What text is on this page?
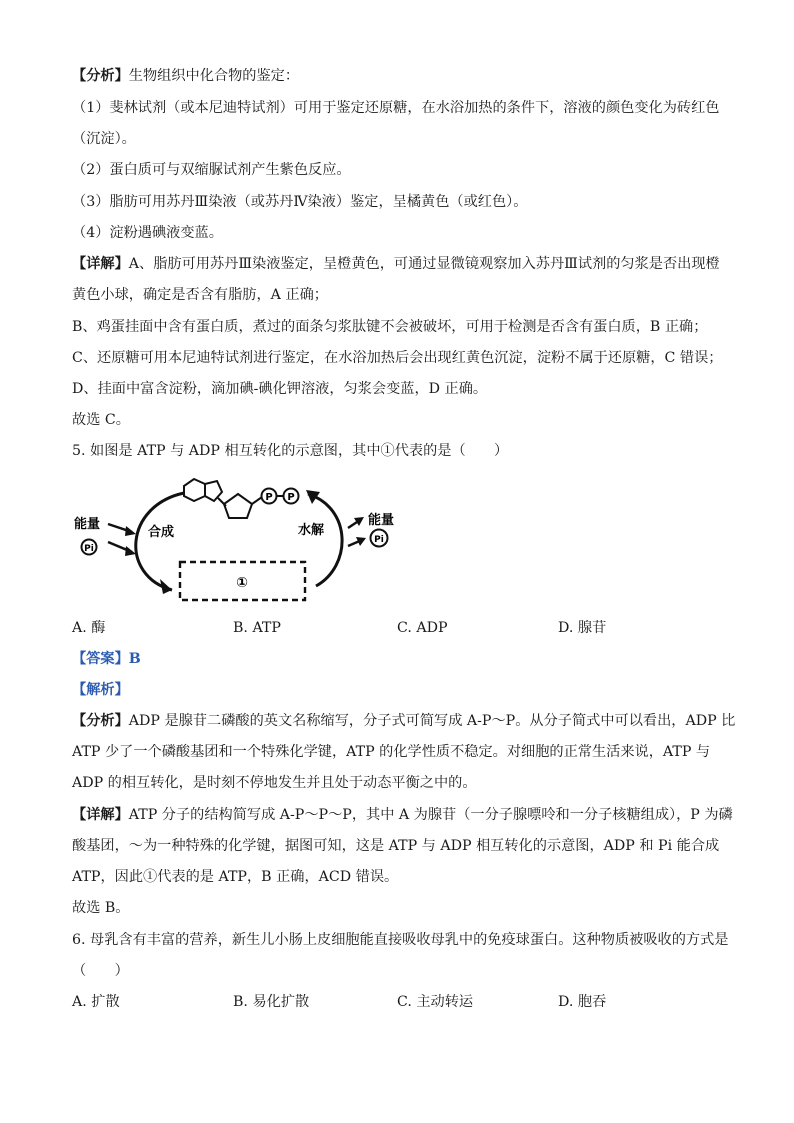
【分析】生物组织中化合物的鉴定：
（1）斐林试剂（或本尼迪特试剂）可用于鉴定还原糖，在水浴加热的条件下，溶液的颜色变化为砖红色
（沉淀）。
（2）蛋白质可与双缩脲试剂产生紫色反应。
（3）脂肪可用苏丹Ⅲ染液（或苏丹Ⅳ染液）鉴定，呈橘黄色（或红色）。
（4）淀粉遇碘液变蓝。
【详解】A、脂肪可用苏丹Ⅲ染液鉴定，呈橙黄色，可通过显微镜观察加入苏丹Ⅲ试剂的匀浆是否出现橙
黄色小球，确定是否含有脂肪，A 正确；
B、鸡蛋挂面中含有蛋白质，煮过的面条匀浆肽键不会被破坏，可用于检测是否含有蛋白质，B 正确；
C、还原糖可用本尼迪特试剂进行鉴定，在水浴加热后会出现红黄色沉淀，淀粉不属于还原糖，C 错误；
D、挂面中富含淀粉，滴加碘-碘化钾溶液，匀浆会变蓝，D 正确。
故选 C。
5. 如图是 ATP 与 ADP 相互转化的示意图，其中①代表的是（　　）
①
P P
能量
Pi
合成	水解
能量
Pi
A. 酶	B. ATP	C. ADP	D. 腺苷
【答案】B
【解析】
【分析】ADP 是腺苷二磷酸的英文名称缩写，分子式可简写成 A-P～P。从分子简式中可以看出，ADP 比
ATP 少了一个磷酸基团和一个特殊化学键，ATP 的化学性质不稳定。对细胞的正常生活来说，ATP 与
ADP 的相互转化，是时刻不停地发生并且处于动态平衡之中的。
【详解】ATP 分子的结构简写成 A-P～P～P，其中 A 为腺苷（一分子腺嘌呤和一分子核糖组成），P 为磷
酸基团，～为一种特殊的化学键，据图可知，这是 ATP 与 ADP 相互转化的示意图，ADP 和 Pi 能合成
ATP，因此①代表的是 ATP，B 正确，ACD 错误。
故选 B。
6. 母乳含有丰富的营养，新生儿小肠上皮细胞能直接吸收母乳中的免疫球蛋白。这种物质被吸收的方式是
（　　）
A. 扩散	B. 易化扩散	C. 主动转运	D. 胞吞
